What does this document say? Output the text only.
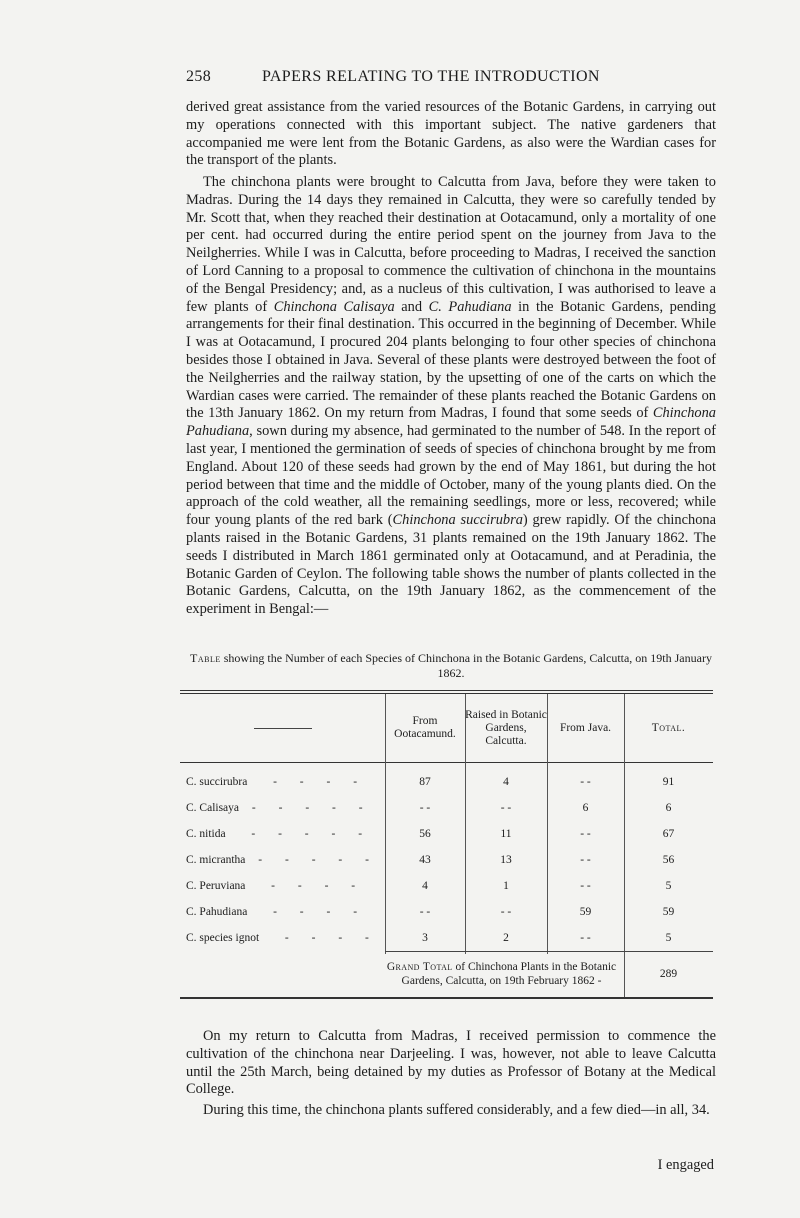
258	PAPERS RELATING TO THE INTRODUCTION
derived great assistance from the varied resources of the Botanic Gardens, in carrying out my operations connected with this important subject. The native gardeners that accompanied me were lent from the Botanic Gardens, as also were the Wardian cases for the transport of the plants.
The chinchona plants were brought to Calcutta from Java, before they were taken to Madras. During the 14 days they remained in Calcutta, they were so carefully tended by Mr. Scott that, when they reached their destination at Ootacamund, only a mortality of one per cent. had occurred during the entire period spent on the journey from Java to the Neilgherries. While I was in Calcutta, before proceeding to Madras, I received the sanction of Lord Canning to a proposal to commence the cultivation of chinchona in the mountains of the Bengal Presidency; and, as a nucleus of this cultivation, I was authorised to leave a few plants of Chinchona Calisaya and C. Pahudiana in the Botanic Gardens, pending arrangements for their final destination. This occurred in the beginning of December. While I was at Ootacamund, I procured 204 plants belonging to four other species of chinchona besides those I obtained in Java. Several of these plants were destroyed between the foot of the Neilgherries and the railway station, by the upsetting of one of the carts on which the Wardian cases were carried. The remainder of these plants reached the Botanic Gardens on the 13th January 1862. On my return from Madras, I found that some seeds of Chinchona Pahudiana, sown during my absence, had germinated to the number of 548. In the report of last year, I mentioned the germination of seeds of species of chinchona brought by me from England. About 120 of these seeds had grown by the end of May 1861, but during the hot period between that time and the middle of October, many of the young plants died. On the approach of the cold weather, all the remaining seedlings, more or less, recovered; while four young plants of the red bark (Chinchona succirubra) grew rapidly. Of the chinchona plants raised in the Botanic Gardens, 31 plants remained on the 19th January 1862. The seeds I distributed in March 1861 germinated only at Ootacamund, and at Peradinia, the Botanic Garden of Ceylon. The following table shows the number of plants collected in the Botanic Gardens, Calcutta, on the 19th January 1862, as the commencement of the experiment in Bengal:—
Table showing the Number of each Species of Chinchona in the Botanic Gardens, Calcutta, on 19th January 1862.
	From Ootacamund.	Raised in Botanic Gardens, Calcutta.	From Java.	Total.

C. succirubra  - - - -	87	4	- -	91
C. Calisaya - - - - -	- -	- -	6	6
C. nitida  - - - - -	56	11	- -	67
C. micrantha - - - - -	43	13	- -	56
C. Peruviana  - - - -	4	1	- -	5
C. Pahudiana  - - - -	- -	- -	59	59
C. species ignot  - - - -	3	2	- -	5
	Grand Total of Chinchona Plants in the Botanic Gardens, Calcutta, on 19th February 1862 -			289
On my return to Calcutta from Madras, I received permission to commence the cultivation of the chinchona near Darjeeling. I was, however, not able to leave Calcutta until the 25th March, being detained by my duties as Professor of Botany at the Medical College.
During this time, the chinchona plants suffered considerably, and a few died—in all, 34.
I engaged
